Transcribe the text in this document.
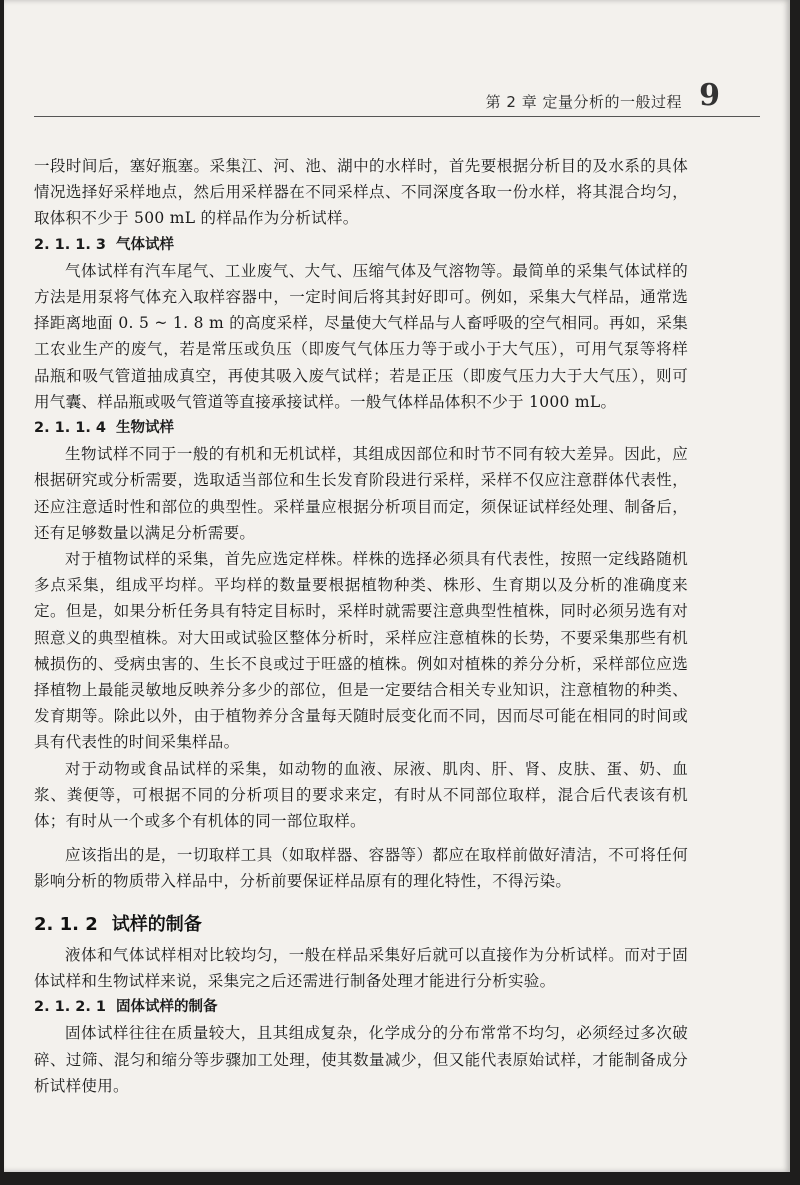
第 2 章 定量分析的一般过程 9

一段时间后，塞好瓶塞。采集江、河、池、湖中的水样时，首先要根据分析目的及水系的具体情况选择好采样地点，然后用采样器在不同采样点、不同深度各取一份水样，将其混合均匀，取体积不少于 500 mL 的样品作为分析试样。

2. 1. 1. 3 气体试样

气体试样有汽车尾气、工业废气、大气、压缩气体及气溶物等。最简单的采集气体试样的方法是用泵将气体充入取样容器中，一定时间后将其封好即可。例如，采集大气样品，通常选择距离地面 0. 5 ~ 1. 8 m 的高度采样，尽量使大气样品与人畜呼吸的空气相同。再如，采集工农业生产的废气，若是常压或负压（即废气气体压力等于或小于大气压），可用气泵等将样品瓶和吸气管道抽成真空，再使其吸入废气试样；若是正压（即废气压力大于大气压），则可用气囊、样品瓶或吸气管道等直接承接试样。一般气体样品体积不少于 1000 mL。

2. 1. 1. 4 生物试样

生物试样不同于一般的有机和无机试样，其组成因部位和时节不同有较大差异。因此，应根据研究或分析需要，选取适当部位和生长发育阶段进行采样，采样不仅应注意群体代表性，还应注意适时性和部位的典型性。采样量应根据分析项目而定，须保证试样经处理、制备后，还有足够数量以满足分析需要。

对于植物试样的采集，首先应选定样株。样株的选择必须具有代表性，按照一定线路随机多点采集，组成平均样。平均样的数量要根据植物种类、株形、生育期以及分析的准确度来定。但是，如果分析任务具有特定目标时，采样时就需要注意典型性植株，同时必须另选有对照意义的典型植株。对大田或试验区整体分析时，采样应注意植株的长势，不要采集那些有机械损伤的、受病虫害的、生长不良或过于旺盛的植株。例如对植株的养分分析，采样部位应选择植物上最能灵敏地反映养分多少的部位，但是一定要结合相关专业知识，注意植物的种类、发育期等。除此以外，由于植物养分含量每天随时辰变化而不同，因而尽可能在相同的时间或具有代表性的时间采集样品。

对于动物或食品试样的采集，如动物的血液、尿液、肌肉、肝、肾、皮肤、蛋、奶、血浆、粪便等，可根据不同的分析项目的要求来定，有时从不同部位取样，混合后代表该有机体；有时从一个或多个有机体的同一部位取样。

应该指出的是，一切取样工具（如取样器、容器等）都应在取样前做好清洁，不可将任何影响分析的物质带入样品中，分析前要保证样品原有的理化特性，不得污染。

2. 1. 2 试样的制备

液体和气体试样相对比较均匀，一般在样品采集好后就可以直接作为分析试样。而对于固体试样和生物试样来说，采集完之后还需进行制备处理才能进行分析实验。

2. 1. 2. 1 固体试样的制备

固体试样往往在质量较大，且其组成复杂，化学成分的分布常常不均匀，必须经过多次破碎、过筛、混匀和缩分等步骤加工处理，使其数量减少，但又能代表原始试样，才能制备成分析试样使用。
